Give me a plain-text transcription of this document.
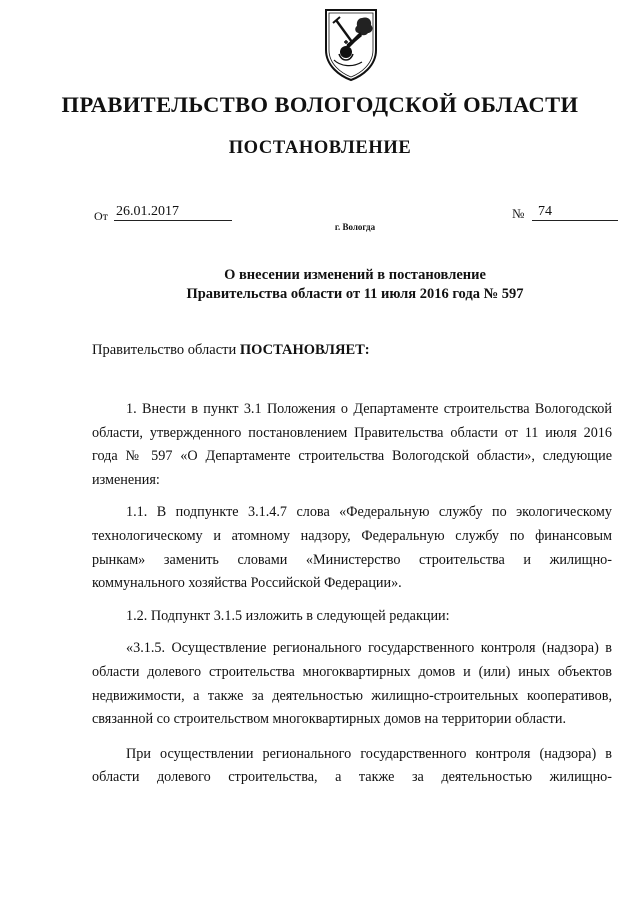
ПРАВИТЕЛЬСТВО ВОЛОГОДСКОЙ ОБЛАСТИ
ПОСТАНОВЛЕНИЕ
От 26.01.2017	№ 74
г. Вологда
О внесении изменений в постановление
Правительства области от 11 июля 2016 года № 597

Правительство области ПОСТАНОВЛЯЕТ:

1. Внести в пункт 3.1 Положения о Департаменте строительства Вологодской области, утвержденного постановлением Правительства области от 11 июля 2016 года № 597 «О Департаменте строительства Вологодской области», следующие изменения:

1.1. В подпункте 3.1.4.7 слова «Федеральную службу по экологическому технологическому и атомному надзору, Федеральную службу по финансовым рынкам» заменить словами «Министерство строительства и жилищно-коммунального хозяйства Российской Федерации».

1.2. Подпункт 3.1.5 изложить в следующей редакции:

«3.1.5. Осуществление регионального государственного контроля (надзора) в области долевого строительства многоквартирных домов и (или) иных объектов недвижимости, а также за деятельностью жилищно-строительных кооперативов, связанной со строительством многоквартирных домов на территории области.

При осуществлении регионального государственного контроля (надзора) в области долевого строительства, а также за деятельностью жилищно-
